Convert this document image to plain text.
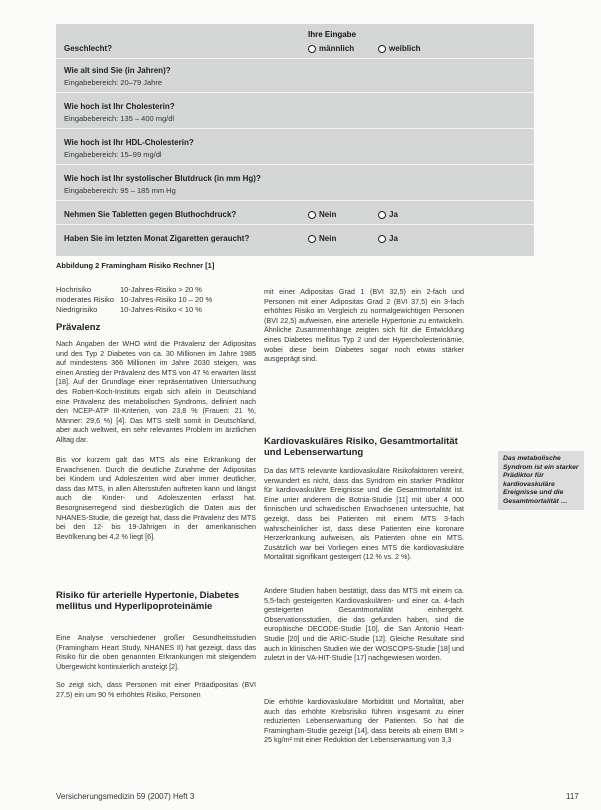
Ihre Eingabe
Geschlecht?	männlich	weiblich
Wie alt sind Sie (in Jahren)?
Eingabebereich: 20–79 Jahre
Wie hoch ist Ihr Cholesterin?
Eingabebereich: 135 – 400 mg/dl
Wie hoch ist Ihr HDL-Cholesterin?
Eingabebereich: 15–99 mg/dl
Wie hoch ist Ihr systolischer Blutdruck (in mm Hg)?
Eingabebereich: 95 – 185 mm Hg
Nehmen Sie Tabletten gegen Bluthochdruck?	Nein	Ja
Haben Sie im letzten Monat Zigaretten geraucht?	Nein	Ja
Abbildung 2 Framingham Risiko Rechner [1]
Hochrisiko	10-Jahres-Risiko > 20 %
moderates Risiko 10-Jahres-Risiko 10 – 20 %
Niedrigrisiko	10-Jahres-Risiko < 10 %
Prävalenz
Nach Angaben der WHO wird die Prävalenz der Adipositas und des Typ 2 Diabetes von ca. 30 Millionen im Jahre 1985 auf mindestens 366 Millionen im Jahre 2030 steigen, was einen Anstieg der Prävalenz des MTS von 47 % erwarten lässt [18]. Auf der Grundlage einer repräsentativen Untersuchung des Robert-Koch-Instituts ergab sich allein in Deutschland eine Prävalenz des metabolischen Syndroms, definiert nach den NCEP-ATP III-Kriterien, von 23,8 % (Frauen: 21 %, Männer: 29,6 %) [4]. Das MTS stellt somit in Deutschland, aber auch weltweit, ein sehr relevantes Problem im ärztlichen Alltag dar.
Bis vor kurzem galt das MTS als eine Erkrankung der Erwachsenen. Durch die deutliche Zunahme der Adipositas bei Kindern und Adoleszenten wird aber immer deutlicher, dass das MTS, in allen Altersstufen auftreten kann und längst auch die Kinder- und Adoleszenten erfasst hat. Besorgniserregend sind diesbezüglich die Daten aus der NHANES-Studie, die gezeigt hat, dass die Prävalenz des MTS bei den 12- bis 19-Jährigen in der amerikanischen Bevölkerung bei 4,2 % liegt [6].
Risiko für arterielle Hypertonie, Diabetes mellitus und Hyperlipoproteinämie
Eine Analyse verschiedener großer Gesundheitsstudien (Framingham Heart Study, NHANES II) hat gezeigt, dass das Risiko für die oben genannten Erkrankungen mit steigendem Übergewicht kontinuierlich ansteigt [2].
So zeigt sich, dass Personen mit einer Präadipositas (BVI 27,5) ein um 90 % erhöhtes Risiko, Personen
mit einer Adipositas Grad 1 (BVI 32,5) ein 2-fach und Personen mit einer Adipositas Grad 2 (BVI 37,5) ein 3-fach erhöhtes Risiko im Vergleich zu normalgewichtigen Personen (BVI 22,5) aufweisen, eine arterielle Hypertonie zu entwickeln. Ähnliche Zusammenhänge zeigten sich für die Entwicklung eines Diabetes mellitus Typ 2 und der Hypercholesterinämie, wobei diese beim Diabetes sogar noch etwas stärker ausgeprägt sind.
Kardiovaskuläres Risiko, Gesamtmortalität und Lebenserwartung
Da das MTS relevante kardiovaskuläre Risikofaktoren vereint, verwundert es nicht, dass das Syndrom ein starker Prädiktor für kardiovaskuläre Ereignisse und die Gesamtmortalität ist. Eine unter anderem die Botnia-Studie [11] mit über 4 000 finnischen und schwedischen Erwachsenen untersuchte, hat gezeigt, dass bei Patienten mit einem MTS 3-fach wahrscheinlicher ist, dass diese Patienten eine koronare Herzerkrankung aufweisen, als Patienten ohne ein MTS. Zusätzlich war bei Vorliegen eines MTS die kardiovaskuläre Mortalität signifikant gesteigert (12 % vs. 2 %).
Andere Studien haben bestätigt, dass das MTS mit einem ca. 5,5-fach gesteigerten Kardiovaskulären- und einer ca. 4-fach gesteigerten Gesamtmortalität einhergeht. Observationsstudien, die das gefunden haben, sind die europäische DECODE-Studie [10], die San Antonio Heart-Studie [20] und die ARIC-Studie [12]. Gleiche Resultate sind auch in klinischen Studien wie der WOSCOPS-Studie [18] und zuletzt in der VA-HIT-Studie [17] nachgewiesen worden.
Die erhöhte kardiovaskuläre Morbidität und Mortalität, aber auch das erhöhte Krebsrisiko führen insgesamt zu einer reduzierten Lebenserwartung der Patienten. So hat die Framingham-Studie gezeigt [14], dass bereits ab einem BMI > 25 kg/m² mit einer Reduktion der Lebenserwartung von 3,3
Das metabolische Syndrom ist ein starker Prädiktor für kardiovaskuläre Ereignisse und die Gesamtmortalität …
Versicherungsmedizin 59 (2007) Heft 3	117
